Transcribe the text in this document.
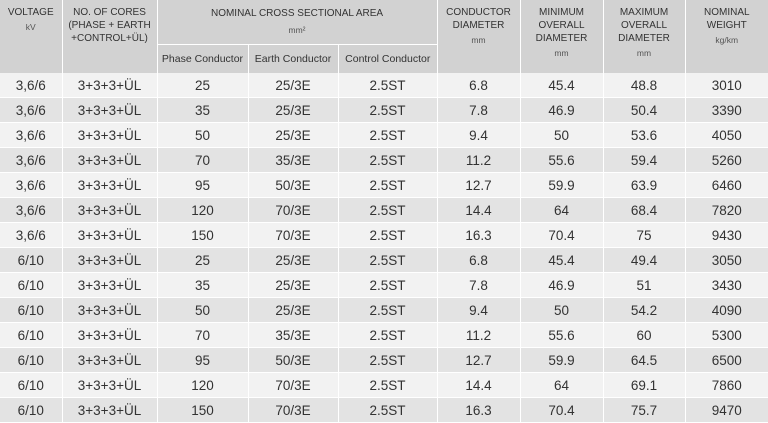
VOLTAGE
kV	NO. OF CORES
(PHASE + EARTH
+CONTROL+ÜL)	NOMINAL CROSS SECTIONAL AREA
mm²			CONDUCTOR
DIAMETER
mm	MINIMUM
OVERALL
DIAMETER
mm	MAXIMUM
OVERALL
DIAMETER
mm	NOMINAL
WEIGHT
kg/km

		Phase Conductor	Earth Conductor	Control Conductor				
3,6/6	3+3+3+ÜL	25	25/3E	2.5ST	6.8	45.4	48.8	3010
3,6/6	3+3+3+ÜL	35	25/3E	2.5ST	7.8	46.9	50.4	3390
3,6/6	3+3+3+ÜL	50	25/3E	2.5ST	9.4	50	53.6	4050
3,6/6	3+3+3+ÜL	70	35/3E	2.5ST	11.2	55.6	59.4	5260
3,6/6	3+3+3+ÜL	95	50/3E	2.5ST	12.7	59.9	63.9	6460
3,6/6	3+3+3+ÜL	120	70/3E	2.5ST	14.4	64	68.4	7820
3,6/6	3+3+3+ÜL	150	70/3E	2.5ST	16.3	70.4	75	9430
6/10	3+3+3+ÜL	25	25/3E	2.5ST	6.8	45.4	49.4	3050
6/10	3+3+3+ÜL	35	25/3E	2.5ST	7.8	46.9	51	3430
6/10	3+3+3+ÜL	50	25/3E	2.5ST	9.4	50	54.2	4090
6/10	3+3+3+ÜL	70	35/3E	2.5ST	11.2	55.6	60	5300
6/10	3+3+3+ÜL	95	50/3E	2.5ST	12.7	59.9	64.5	6500
6/10	3+3+3+ÜL	120	70/3E	2.5ST	14.4	64	69.1	7860
6/10	3+3+3+ÜL	150	70/3E	2.5ST	16.3	70.4	75.7	9470
